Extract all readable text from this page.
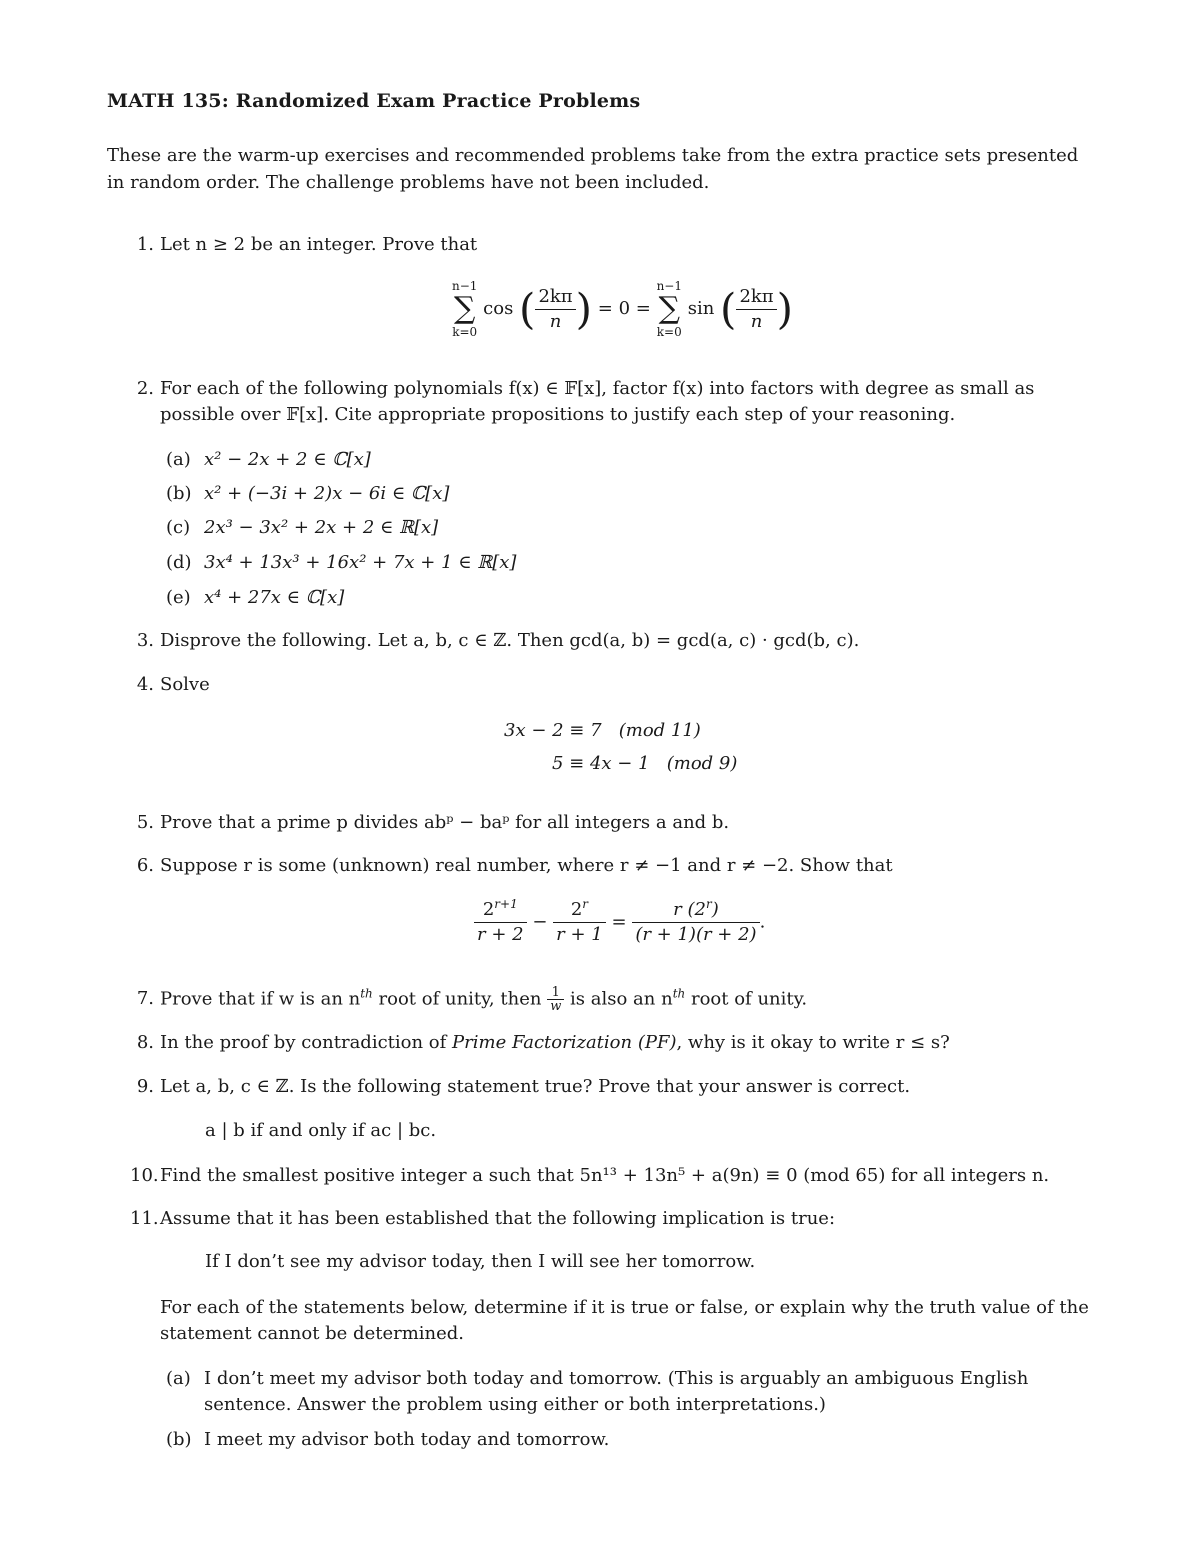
MATH 135: Randomized Exam Practice Problems
These are the warm-up exercises and recommended problems take from the extra practice sets presented in random order. The challenge problems have not been included.
1. Let n ≥ 2 be an integer. Prove that
n−1
∑
k=0 cos ( $\frac{2k\pi}{n}$ ) = 0 = n−1
∑
k=0 sin ( $\frac{2k\pi}{n}$ )
2. For each of the following polynomials f(x) ∈ 𝔽[x], factor f(x) into factors with degree as small as possible over 𝔽[x]. Cite appropriate propositions to justify each step of your reasoning.
(a) x² − 2x + 2 ∈ ℂ[x]
(b) x² + (−3i + 2)x − 6i ∈ ℂ[x]
(c) 2x³ − 3x² + 2x + 2 ∈ ℝ[x]
(d) 3x⁴ + 13x³ + 16x² + 7x + 1 ∈ ℝ[x]
(e) x⁴ + 27x ∈ ℂ[x]
3. Disprove the following. Let a, b, c ∈ ℤ. Then gcd(a, b) = gcd(a, c) · gcd(b, c).
4. Solve
3x − 2 ≡ 7   (mod 11)
5 ≡ 4x − 1   (mod 9)
5. Prove that a prime p divides abᵖ − baᵖ for all integers a and b.
6. Suppose r is some (unknown) real number, where r ≠ −1 and r ≠ −2. Show that
$\frac{2^{r+1}}{r + 2} - \frac{2^r}{r + 1} = \frac{r (2^r)}{(r + 1)(r + 2)}$ .
7. Prove that if w is an $n^{th}$ root of unity, then $\frac{1}{w}$ is also an $n^{th}$ root of unity.
8. In the proof by contradiction of Prime Factorization (PF), why is it okay to write r ≤ s?
9. Let a, b, c ∈ ℤ. Is the following statement true? Prove that your answer is correct.
a | b if and only if ac | bc.
10. Find the smallest positive integer a such that 5n¹³ + 13n⁵ + a(9n) ≡ 0 (mod 65) for all integers n.
11. Assume that it has been established that the following implication is true:
If I don’t see my advisor today, then I will see her tomorrow.
For each of the statements below, determine if it is true or false, or explain why the truth value of the statement cannot be determined.
(a) I don’t meet my advisor both today and tomorrow. (This is arguably an ambiguous English sentence. Answer the problem using either or both interpretations.)
(b) I meet my advisor both today and tomorrow.
